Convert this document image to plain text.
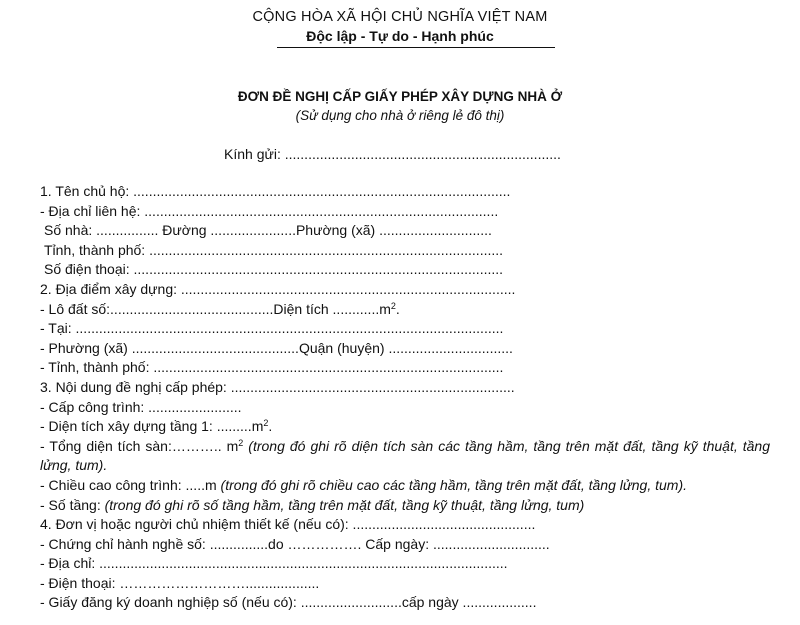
CỘNG HÒA XÃ HỘI CHỦ NGHĨA VIỆT NAM
Độc lập - Tự do - Hạnh phúc
ĐƠN ĐỀ NGHỊ CẤP GIẤY PHÉP XÂY DỰNG NHÀ Ở
(Sử dụng cho nhà ở riêng lẻ đô thị)
Kính gửi: .......................................................................
1. Tên chủ hộ: .................................................................................................
- Địa chỉ liên hệ: ...........................................................................................
Số nhà: ................ Đường ......................Phường (xã) .............................
Tỉnh, thành phố: ...........................................................................................
Số điện thoại: ...............................................................................................
2. Địa điểm xây dựng: ......................................................................................
- Lô đất số:..........................................Diện tích $............m^2$.
- Tại: ..............................................................................................................
- Phường (xã) ...........................................Quận (huyện) ................................
- Tỉnh, thành phố: ..........................................................................................
3. Nội dung đề nghị cấp phép: .........................................................................
- Cấp công trình: ........................
- Diện tích xây dựng tầng 1: $.........m^2$.
- Tổng diện tích sàn:……….. $m^2$ (trong đó ghi rõ diện tích sàn các tầng hầm, tầng trên mặt đất, tầng kỹ thuật, tầng lửng, tum).
- Chiều cao công trình: .....m (trong đó ghi rõ chiều cao các tầng hầm, tầng trên mặt đất, tầng lửng, tum).
- Số tầng: (trong đó ghi rõ số tầng hầm, tầng trên mặt đất, tầng kỹ thuật, tầng lửng, tum)
4. Đơn vị hoặc người chủ nhiệm thiết kế (nếu có): ...............................................
- Chứng chỉ hành nghề số: ...............do ……………. Cấp ngày: ..............................
- Địa chỉ: .........................................................................................................
- Điện thoại: ………………………...................
- Giấy đăng ký doanh nghiệp số (nếu có): ..........................cấp ngày ...................
